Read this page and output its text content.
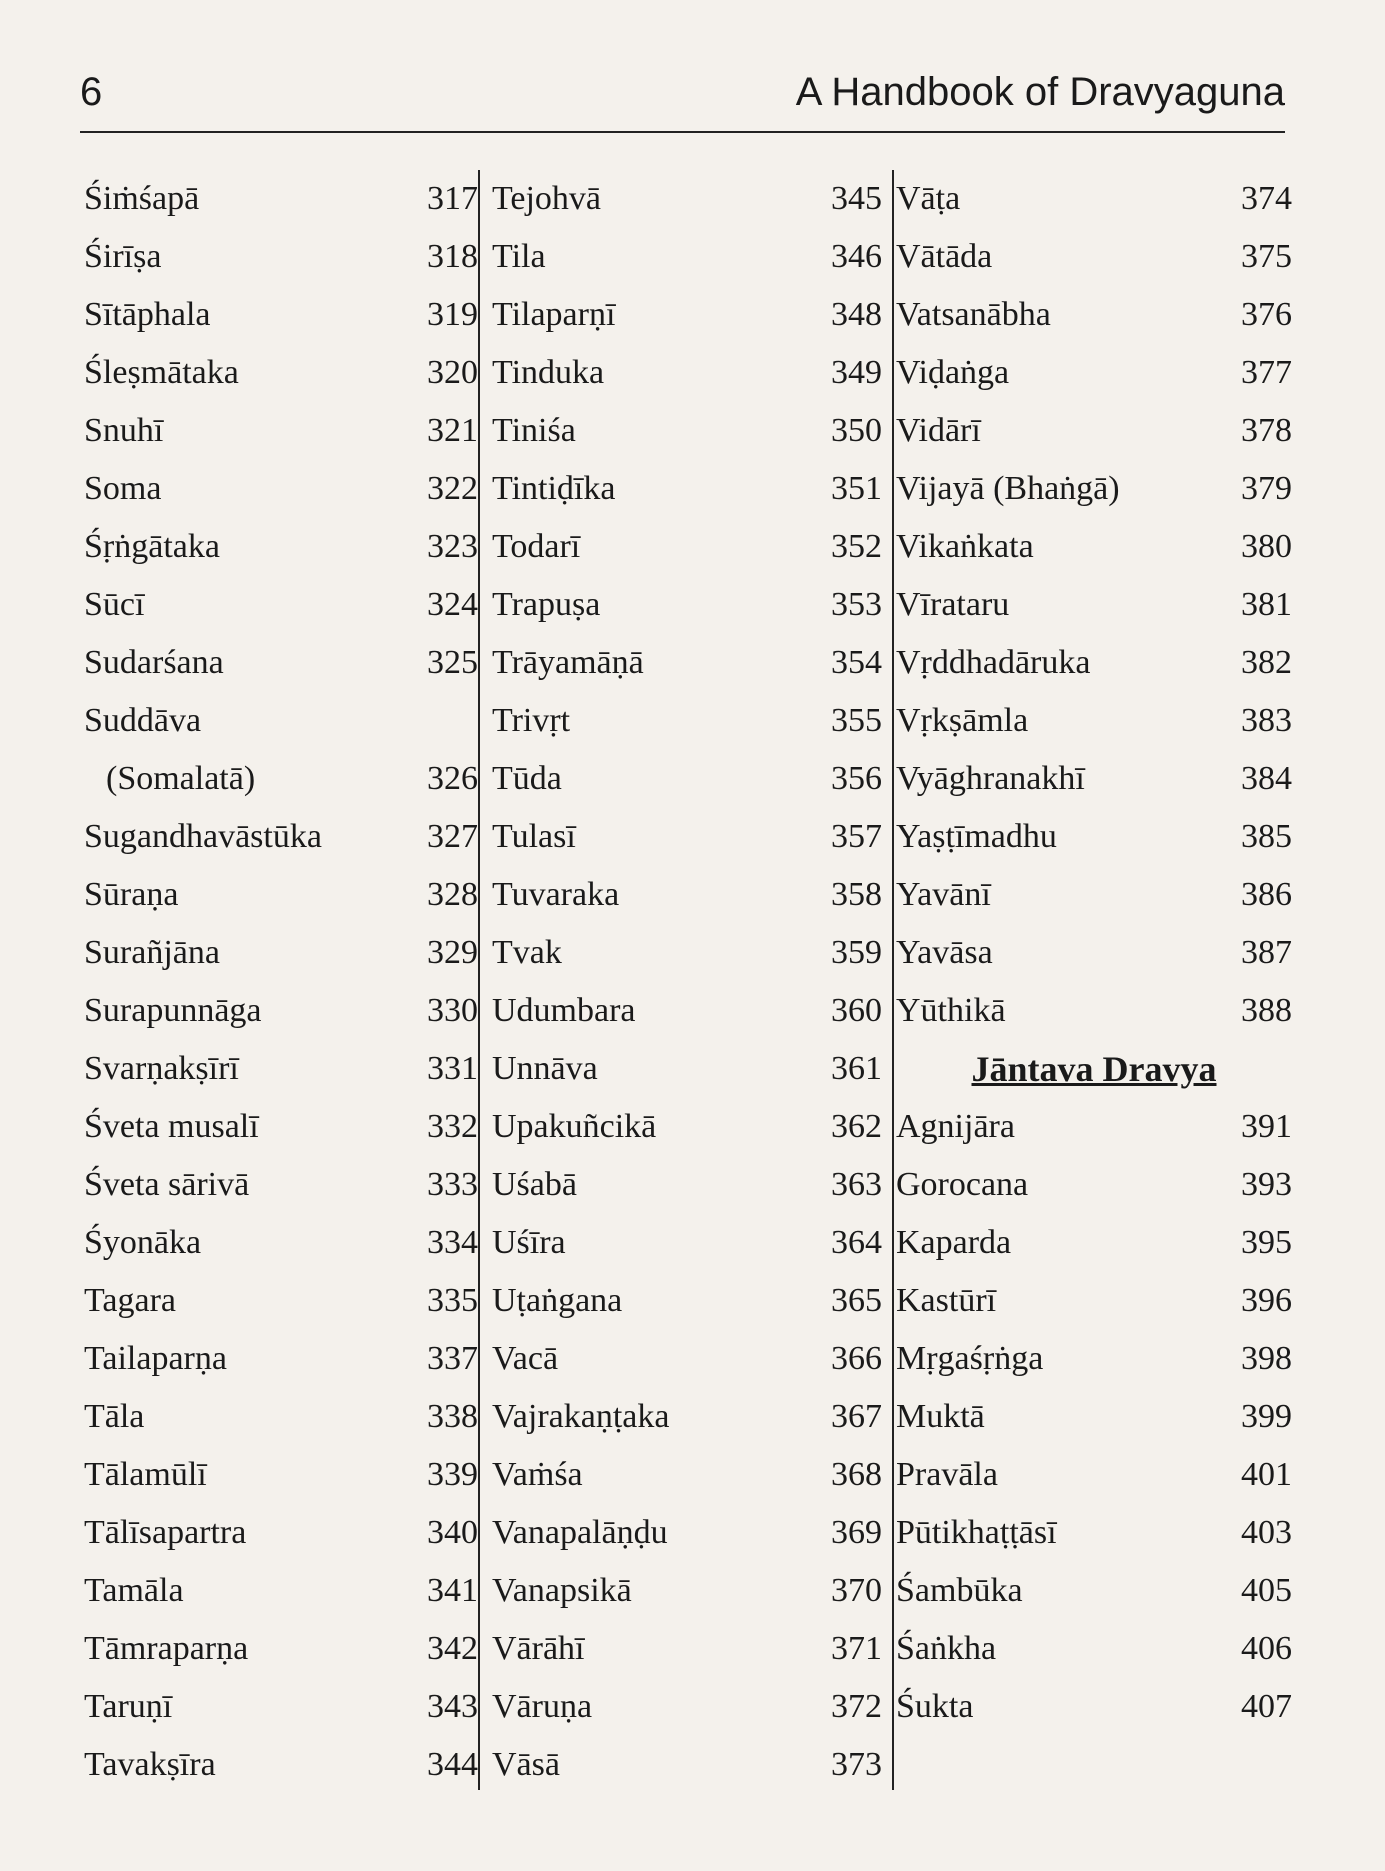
6	A Handbook of Dravyaguna
Śiṁśapā	317
Śirīṣa	318
Sītāphala	319
Śleṣmātaka	320
Snuhī	321
Soma	322
Śṛṅgātaka	323
Sūcī	324
Sudarśana	325
Suddāva
(Somalatā)	326
Sugandhavāstūka	327
Sūraṇa	328
Surañjāna	329
Surapunnāga	330
Svarṇakṣīrī	331
Śveta musalī	332
Śveta sārivā	333
Śyonāka	334
Tagara	335
Tailaparṇa	337
Tāla	338
Tālamūlī	339
Tālīsapartra	340
Tamāla	341
Tāmraparṇa	342
Taruṇī	343
Tavakṣīra	344
Tejohvā	345
Tila	346
Tilaparṇī	348
Tinduka	349
Tiniśa	350
Tintiḍīka	351
Todarī	352
Trapuṣa	353
Trāyamāṇā	354
Trivṛt	355
Tūda	356
Tulasī	357
Tuvaraka	358
Tvak	359
Udumbara	360
Unnāva	361
Upakuñcikā	362
Uśabā	363
Uśīra	364
Uṭaṅgana	365
Vacā	366
Vajrakaṇṭaka	367
Vaṁśa	368
Vanapalāṇḍu	369
Vanapsikā	370
Vārāhī	371
Vāruṇa	372
Vāsā	373
Vāṭa	374
Vātāda	375
Vatsanābha	376
Viḍaṅga	377
Vidārī	378
Vijayā (Bhaṅgā)	379
Vikaṅkata	380
Vīrataru	381
Vṛddhadāruka	382
Vṛkṣāmla	383
Vyāghranakhī	384
Yaṣṭīmadhu	385
Yavānī	386
Yavāsa	387
Yūthikā	388
Jāntava Dravya
Agnijāra	391
Gorocana	393
Kaparda	395
Kastūrī	396
Mṛgaśṛṅga	398
Muktā	399
Pravāla	401
Pūtikhaṭṭāsī	403
Śambūka	405
Śaṅkha	406
Śukta	407
